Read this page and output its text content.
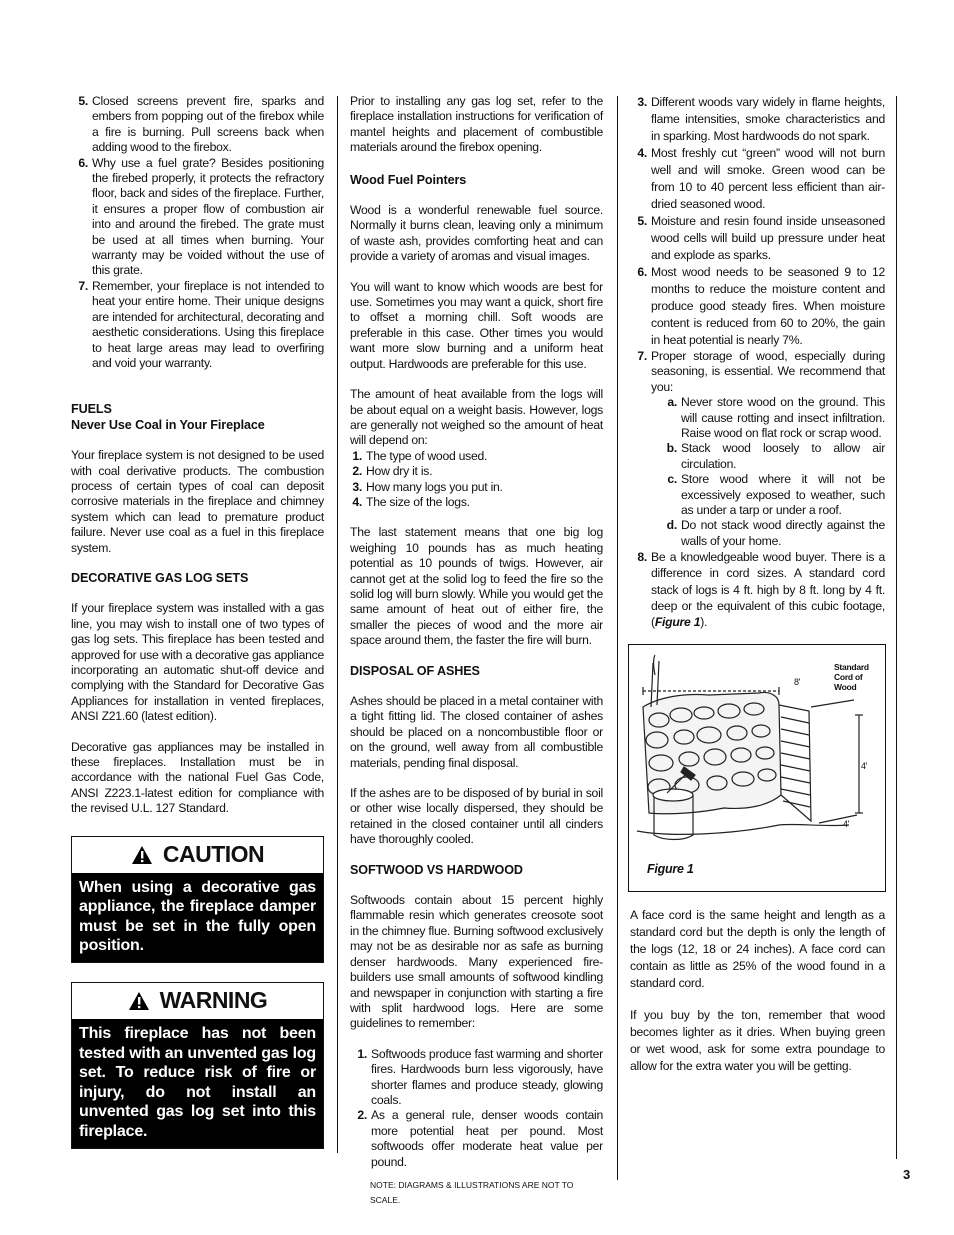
5. Closed screens prevent fire, sparks and embers from popping out of the firebox while a fire is burning. Pull screens back when adding wood to the firebox.
6. Why use a fuel grate? Besides positioning the firebed properly, it protects the refractory floor, back and sides of the fireplace. Further, it ensures a proper flow of combustion air into and around the firebed. The grate must be used at all times when burning. Your warranty may be voided without the use of this grate.
7. Remember, your fireplace is not intended to heat your entire home. Their unique designs are intended for architectural, decorating and aesthetic considerations. Using this fireplace to heat large areas may lead to overfiring and void your warranty.
FUELS
Never Use Coal in Your Fireplace

Your fireplace system is not designed to be used with coal derivative products. The combustion process of certain types of coal can deposit corrosive materials in the fireplace and chimney system which can lead to premature product failure. Never use coal as a fuel in this fireplace system.

DECORATIVE GAS LOG SETS

If your fireplace system was installed with a gas line, you may wish to install one of two types of gas log sets. This fireplace has been tested and approved for use with a decorative gas appliance incorporating an automatic shut-off device and complying with the Standard for Decorative Gas Appliances for installation in vented fireplaces, ANSI Z21.60 (latest edition).

Decorative gas appliances may be installed in these fireplaces. Installation must be in accordance with the national Fuel Gas Code, ANSI Z223.1-latest edition for compliance with the revised U.L. 127 Standard.

CAUTION
When using a decorative gas appliance, the fireplace damper must be set in the fully open position.
WARNING
This fireplace has not been tested with an unvented gas log set. To reduce risk of fire or injury, do not install an unvented gas log set into this fireplace.

Prior to installing any gas log set, refer to the fireplace installation instructions for verification of mantel heights and placement of combustible materials around the firebox opening.

Wood Fuel Pointers

Wood is a wonderful renewable fuel source. Normally it burns clean, leaving only a minimum of waste ash, provides comforting heat and can provide a variety of aromas and visual images.

You will want to know which woods are best for use. Sometimes you may want a quick, short fire to offset a morning chill. Soft woods are preferable in this case. Other times you would want more slow burning and a uniform heat output. Hardwoods are preferable for this use.

The amount of heat available from the logs will be about equal on a weight basis. However, logs are generally not weighed so the amount of heat will depend on:

1. The type of wood used.
2. How dry it is.
3. How many logs you put in.
4. The size of the logs.

The last statement means that one big log weighing 10 pounds has as much heating potential as 10 pounds of twigs. However, air cannot get at the solid log to feed the fire so the solid log will burn slowly. While you would get the same amount of heat out of either fire, the smaller the pieces of wood and the more air space around them, the faster the fire will burn.

DISPOSAL OF ASHES

Ashes should be placed in a metal container with a tight fitting lid. The closed container of ashes should be placed on a noncombustible floor or on the ground, well away from all combustible materials, pending final disposal.

If the ashes are to be disposed of by burial in soil or other wise locally dispersed, they should be retained in the closed container until all cinders have thoroughly cooled.

SOFTWOOD VS HARDWOOD

Softwoods contain about 15 percent highly flammable resin which generates creosote soot in the chimney flue. Burning softwood exclusively may not be as desirable nor as safe as burning denser hardwoods. Many experienced fire-builders use small amounts of softwood kindling and newspaper in conjunction with starting a fire with split hardwood logs. Here are some guidelines to remember:

1. Softwoods produce fast warming and shorter fires. Hardwoods burn less vigorously, have shorter flames and produce steady, glowing coals.
2. As a general rule, denser woods contain more potential heat per pound. Most softwoods offer moderate heat value per pound.
NOTE: DIAGRAMS & ILLUSTRATIONS ARE NOT TO SCALE.
3. Different woods vary widely in flame heights, flame intensities, smoke characteristics and in sparking. Most hardwoods do not spark.
4. Most freshly cut “green” wood will not burn well and will smoke. Green wood can be from 10 to 40 percent less efficient than air-dried seasoned wood.
5. Moisture and resin found inside unseasoned wood cells will build up pressure under heat and explode as sparks.
6. Most wood needs to be seasoned 9 to 12 months to reduce the moisture content and produce good steady fires. When moisture content is reduced from 60 to 20%, the gain in heat potential is nearly 7%.
7. Proper storage of wood, especially during seasoning, is essential. We recommend that you:
a. Never store wood on the ground. This will cause rotting and insect infiltration. Raise wood on flat rock or scrap wood.
b. Stack wood loosely to allow air circulation.
c. Store wood where it will not be excessively exposed to weather, such as under a tarp or under a roof.
d. Do not stack wood directly against the walls of your home.
8. Be a knowledgeable wood buyer. There is a difference in cord sizes. A standard cord stack of logs is 4 ft. high by 8 ft. long by 4 ft. deep or the equivalent of this cubic footage, (Figure 1).
8'
4'
4'
Standard
Cord of
Wood
Figure 1

A face cord is the same height and length as a standard cord but the depth is only the length of the logs (12, 18 or 24 inches). A face cord can contain as little as 25% of the wood found in a standard cord.

If you buy by the ton, remember that wood becomes lighter as it dries. When buying green or wet wood, ask for some extra poundage to allow for the extra water you will be getting.

3
